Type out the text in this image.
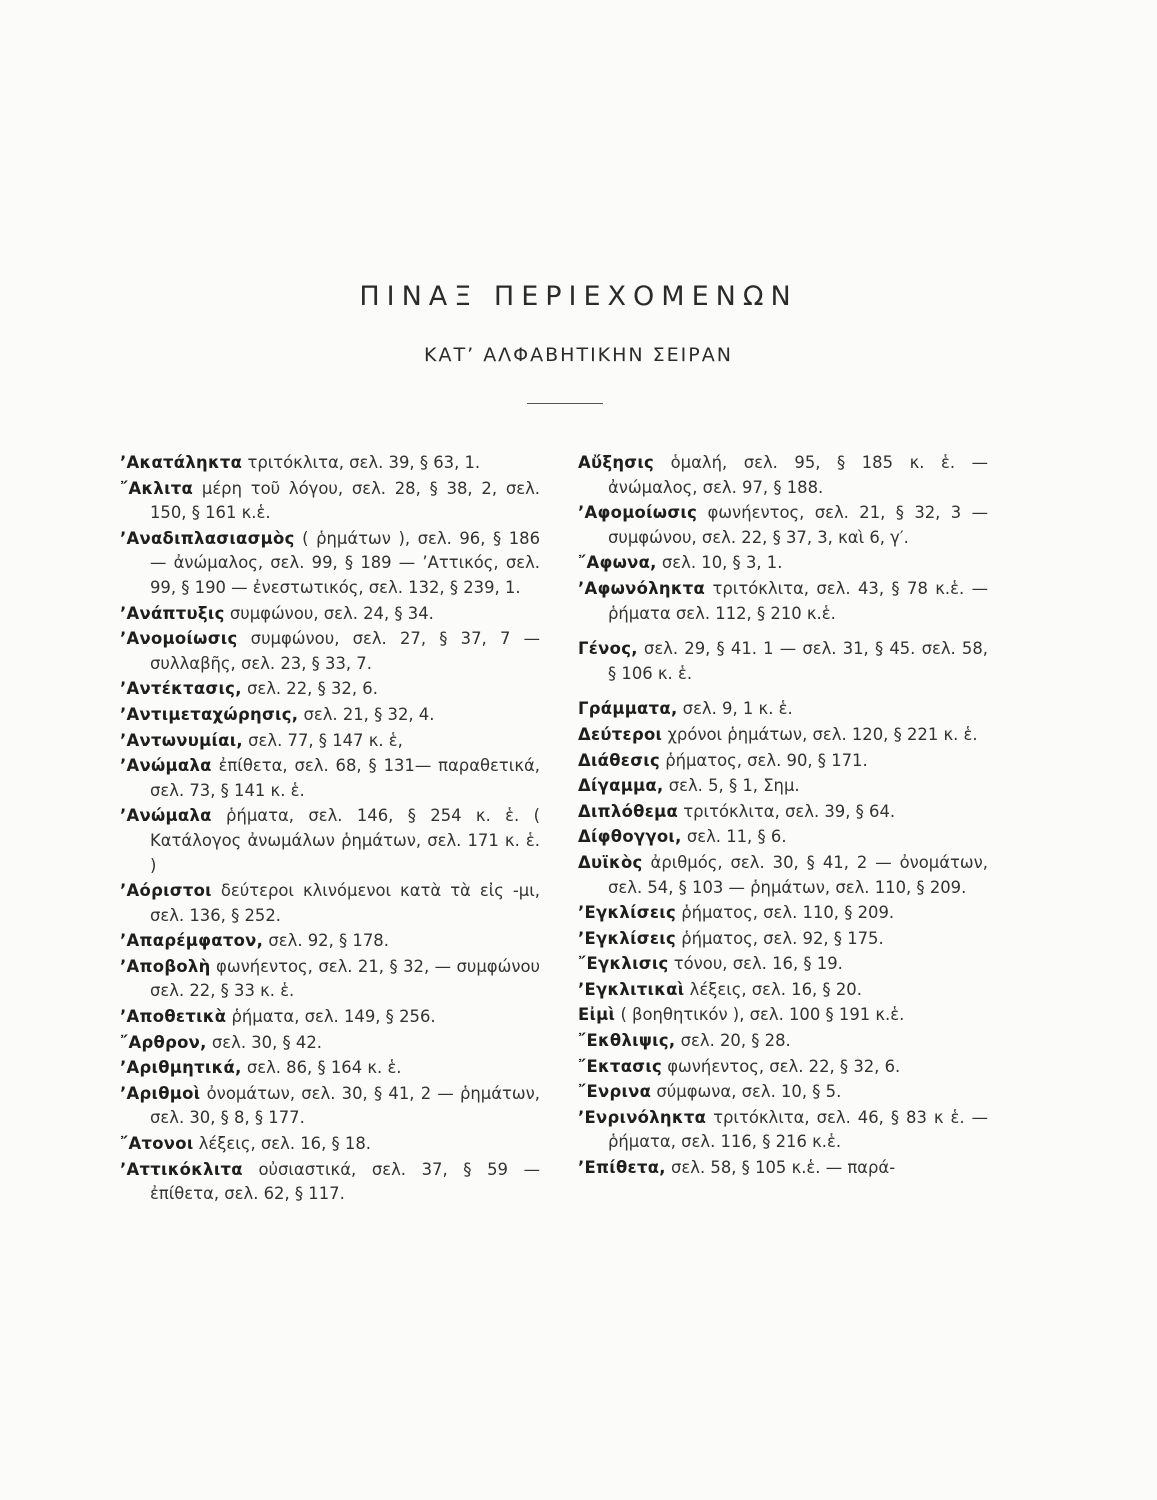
ΠΙΝΑΞ ΠΕΡΙΕΧΟΜΕΝΩΝ
ΚΑΤ’ ΑΛΦΑΒΗΤΙΚΗΝ ΣΕΙΡΑΝ

’Ακατάληκτα τριτόκλιτα, σελ. 39, § 63, 1.

῎Ακλιτα μέρη τοῦ λόγου, σελ. 28, § 38, 2, σελ. 150, § 161 κ.ἑ.

’Αναδιπλασιασμὸς ( ῥημάτων ), σελ. 96, § 186 — ἀνώμαλος, σελ. 99, § 189 — ’Αττικός, σελ. 99, § 190 — ἐνεστωτικός, σελ. 132, § 239, 1.

’Ανάπτυξις συμφώνου, σελ. 24, § 34.

’Ανομοίωσις συμφώνου, σελ. 27, § 37, 7 — συλλαβῆς, σελ. 23, § 33, 7.

’Αντέκτασις, σελ. 22, § 32, 6.

’Αντιμεταχώρησις, σελ. 21, § 32, 4.

’Αντωνυμίαι, σελ. 77, § 147 κ. ἑ,

’Ανώμαλα ἐπίθετα, σελ. 68, § 131— παραθετικά, σελ. 73, § 141 κ. ἑ.

’Ανώμαλα ῥήματα, σελ. 146, § 254 κ. ἑ. ( Κατάλογος ἀνωμάλων ῥημάτων, σελ. 171 κ. ἑ. )

’Αόριστοι δεύτεροι κλινόμενοι κατὰ τὰ εἰς -μι, σελ. 136, § 252.

’Απαρέμφατον, σελ. 92, § 178.

’Αποβολὴ φωνήεντος, σελ. 21, § 32, — συμφώνου σελ. 22, § 33 κ. ἑ.

’Αποθετικὰ ῥήματα, σελ. 149, § 256.

῎Αρθρον, σελ. 30, § 42.

’Αριθμητικά, σελ. 86, § 164 κ. ἑ.

’Αριθμοὶ ὀνομάτων, σελ. 30, § 41, 2 — ῥημάτων, σελ. 30, § 8, § 177.

῎Ατονοι λέξεις, σελ. 16, § 18.

’Αττικόκλιτα οὐσιαστικά, σελ. 37, § 59 — ἐπίθετα, σελ. 62, § 117.

Αὔξησις ὁμαλή, σελ. 95, § 185 κ. ἑ. — ἀνώμαλος, σελ. 97, § 188.

’Αφομοίωσις φωνήεντος, σελ. 21, § 32, 3 — συμφώνου, σελ. 22, § 37, 3, καὶ 6, γ′.

῎Αφωνα, σελ. 10, § 3, 1.

’Αφωνόληκτα τριτόκλιτα, σελ. 43, § 78 κ.ἑ. — ῥήματα σελ. 112, § 210 κ.ἑ.

Γένος, σελ. 29, § 41. 1 — σελ. 31, § 45. σελ. 58, § 106 κ. ἑ.

Γράμματα, σελ. 9, 1 κ. ἑ.

Δεύτεροι χρόνοι ῥημάτων, σελ. 120, § 221 κ. ἑ.

Διάθεσις ῥήματος, σελ. 90, § 171.

Δίγαμμα, σελ. 5, § 1, Σημ.

Διπλόθεμα τριτόκλιτα, σελ. 39, § 64.

Δίφθογγοι, σελ. 11, § 6.

Δυϊκὸς ἀριθμός, σελ. 30, § 41, 2 — ὀνομάτων, σελ. 54, § 103 — ῥημάτων, σελ. 110, § 209.

’Εγκλίσεις ῥήματος, σελ. 110, § 209.

’Εγκλίσεις ῥήματος, σελ. 92, § 175.

῎Εγκλισις τόνου, σελ. 16, § 19.

’Εγκλιτικαὶ λέξεις, σελ. 16, § 20.

Εἰμὶ ( βοηθητικόν ), σελ. 100 § 191 κ.ἑ.

῎Εκθλιψις, σελ. 20, § 28.

῎Εκτασις φωνήεντος, σελ. 22, § 32, 6.

῎Ενρινα σύμφωνα, σελ. 10, § 5.

’Ενρινόληκτα τριτόκλιτα, σελ. 46, § 83 κ ἑ. — ῥήματα, σελ. 116, § 216 κ.ἑ.

’Επίθετα, σελ. 58, § 105 κ.ἑ. — παρά-
